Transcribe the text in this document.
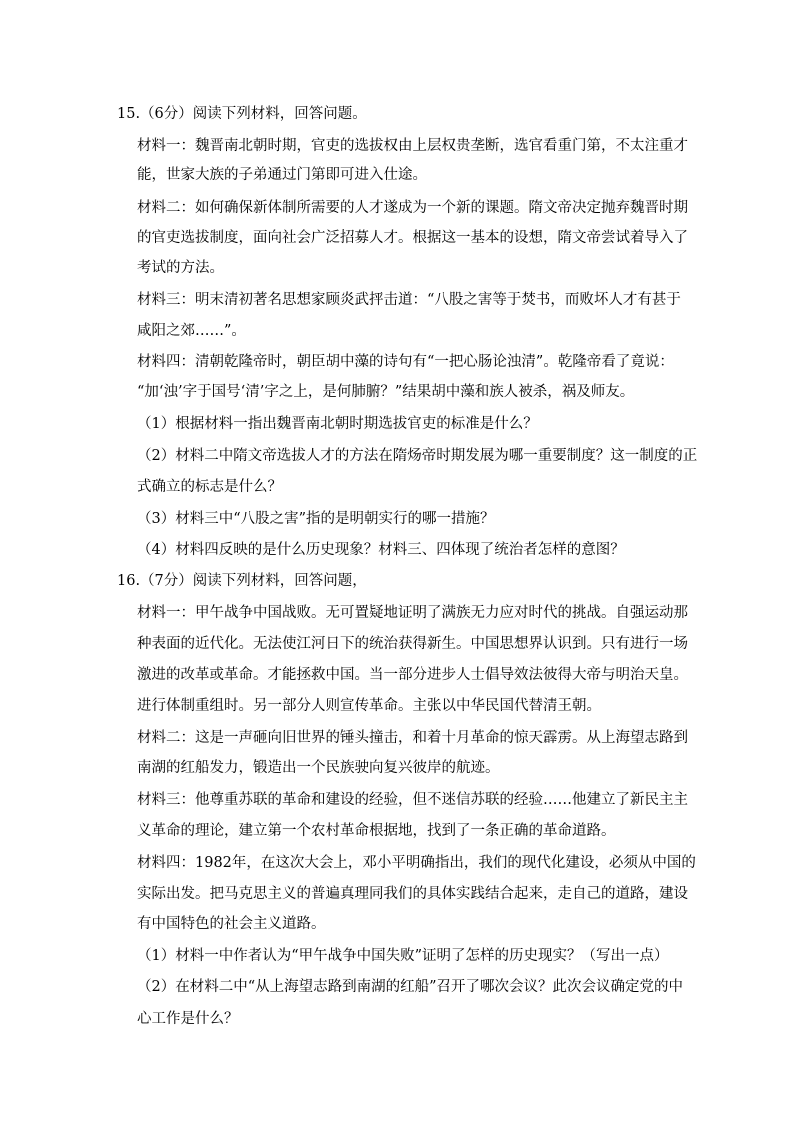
15.（6分）阅读下列材料，回答问题。
材料一：魏晋南北朝时期，官吏的选拔权由上层权贵垄断，选官看重门第，不太注重才
能，世家大族的子弟通过门第即可进入仕途。
材料二：如何确保新体制所需要的人才遂成为一个新的课题。隋文帝决定抛弃魏晋时期
的官吏选拔制度，面向社会广泛招募人才。根据这一基本的设想，隋文帝尝试着导入了
考试的方法。
材料三：明末清初著名思想家顾炎武抨击道：“八股之害等于焚书，而败坏人才有甚于
咸阳之郊……”。
材料四：清朝乾隆帝时，朝臣胡中藻的诗句有“一把心肠论浊清”。乾隆帝看了竟说：
“加‘浊’字于国号‘清’字之上，是何肺腑？”结果胡中藻和族人被杀，祸及师友。
（1）根据材料一指出魏晋南北朝时期选拔官吏的标准是什么？
（2）材料二中隋文帝选拔人才的方法在隋炀帝时期发展为哪一重要制度？这一制度的正
式确立的标志是什么？
（3）材料三中“八股之害”指的是明朝实行的哪一措施？
（4）材料四反映的是什么历史现象？材料三、四体现了统治者怎样的意图？
16.（7分）阅读下列材料，回答问题，
材料一：甲午战争中国战败。无可置疑地证明了满族无力应对时代的挑战。自强运动那
种表面的近代化。无法使江河日下的统治获得新生。中国思想界认识到。只有进行一场
激进的改革或革命。才能拯救中国。当一部分进步人士倡导效法彼得大帝与明治天皇。
进行体制重组时。另一部分人则宣传革命。主张以中华民国代替清王朝。
材料二：这是一声砸向旧世界的锤头撞击，和着十月革命的惊天霹雳。从上海望志路到
南湖的红船发力，锻造出一个民族驶向复兴彼岸的航迹。
材料三：他尊重苏联的革命和建设的经验，但不迷信苏联的经验……他建立了新民主主
义革命的理论，建立第一个农村革命根据地，找到了一条正确的革命道路。
材料四：1982年，在这次大会上，邓小平明确指出，我们的现代化建设，必须从中国的
实际出发。把马克思主义的普遍真理同我们的具体实践结合起来，走自己的道路，建设
有中国特色的社会主义道路。
（1）材料一中作者认为“甲午战争中国失败”证明了怎样的历史现实？（写出一点）
（2）在材料二中“从上海望志路到南湖的红船”召开了哪次会议？此次会议确定党的中
心工作是什么？
